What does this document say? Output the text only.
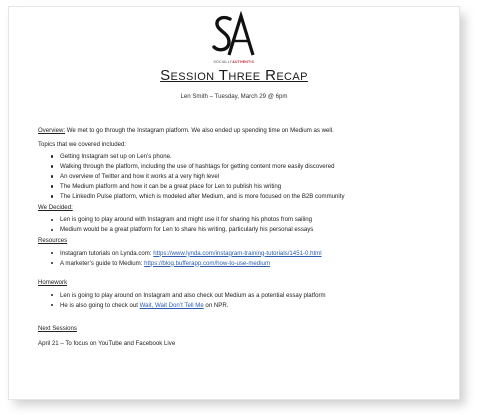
SOCIALLYAUTHENTIC
Session Three Recap
Len Smith – Tuesday, March 29 @ 6pm

Overview: We met to go through the Instagram platform. We also ended up spending time on Medium as well.

Topics that we covered included:

Getting Instagram set up on Len’s phone.
Walking through the platform, including the use of hashtags for getting content more easily discovered
An overview of Twitter and how it works at a very high level
The Medium platform and how it can be a great place for Len to publish his writing
The LinkedIn Pulse platform, which is modeled after Medium, and is more focused on the B2B community

We Decided:

Len is going to play around with Instagram and might use it for sharing his photos from sailing
Medium would be a great platform for Len to share his writing, particularly his personal essays

Resources

Instagram tutorials on Lynda.com: https://www.lynda.com/instagram-training-tutorials/1451-0.html
A marketer’s guide to Medium: https://blog.bufferapp.com/how-to-use-medium

Homework

Len is going to play around on Instagram and also check out Medium as a potential essay platform
He is also going to check out Wait, Wait Don’t Tell Me on NPR.

Next Sessions

April 21 – To focus on YouTube and Facebook Live
